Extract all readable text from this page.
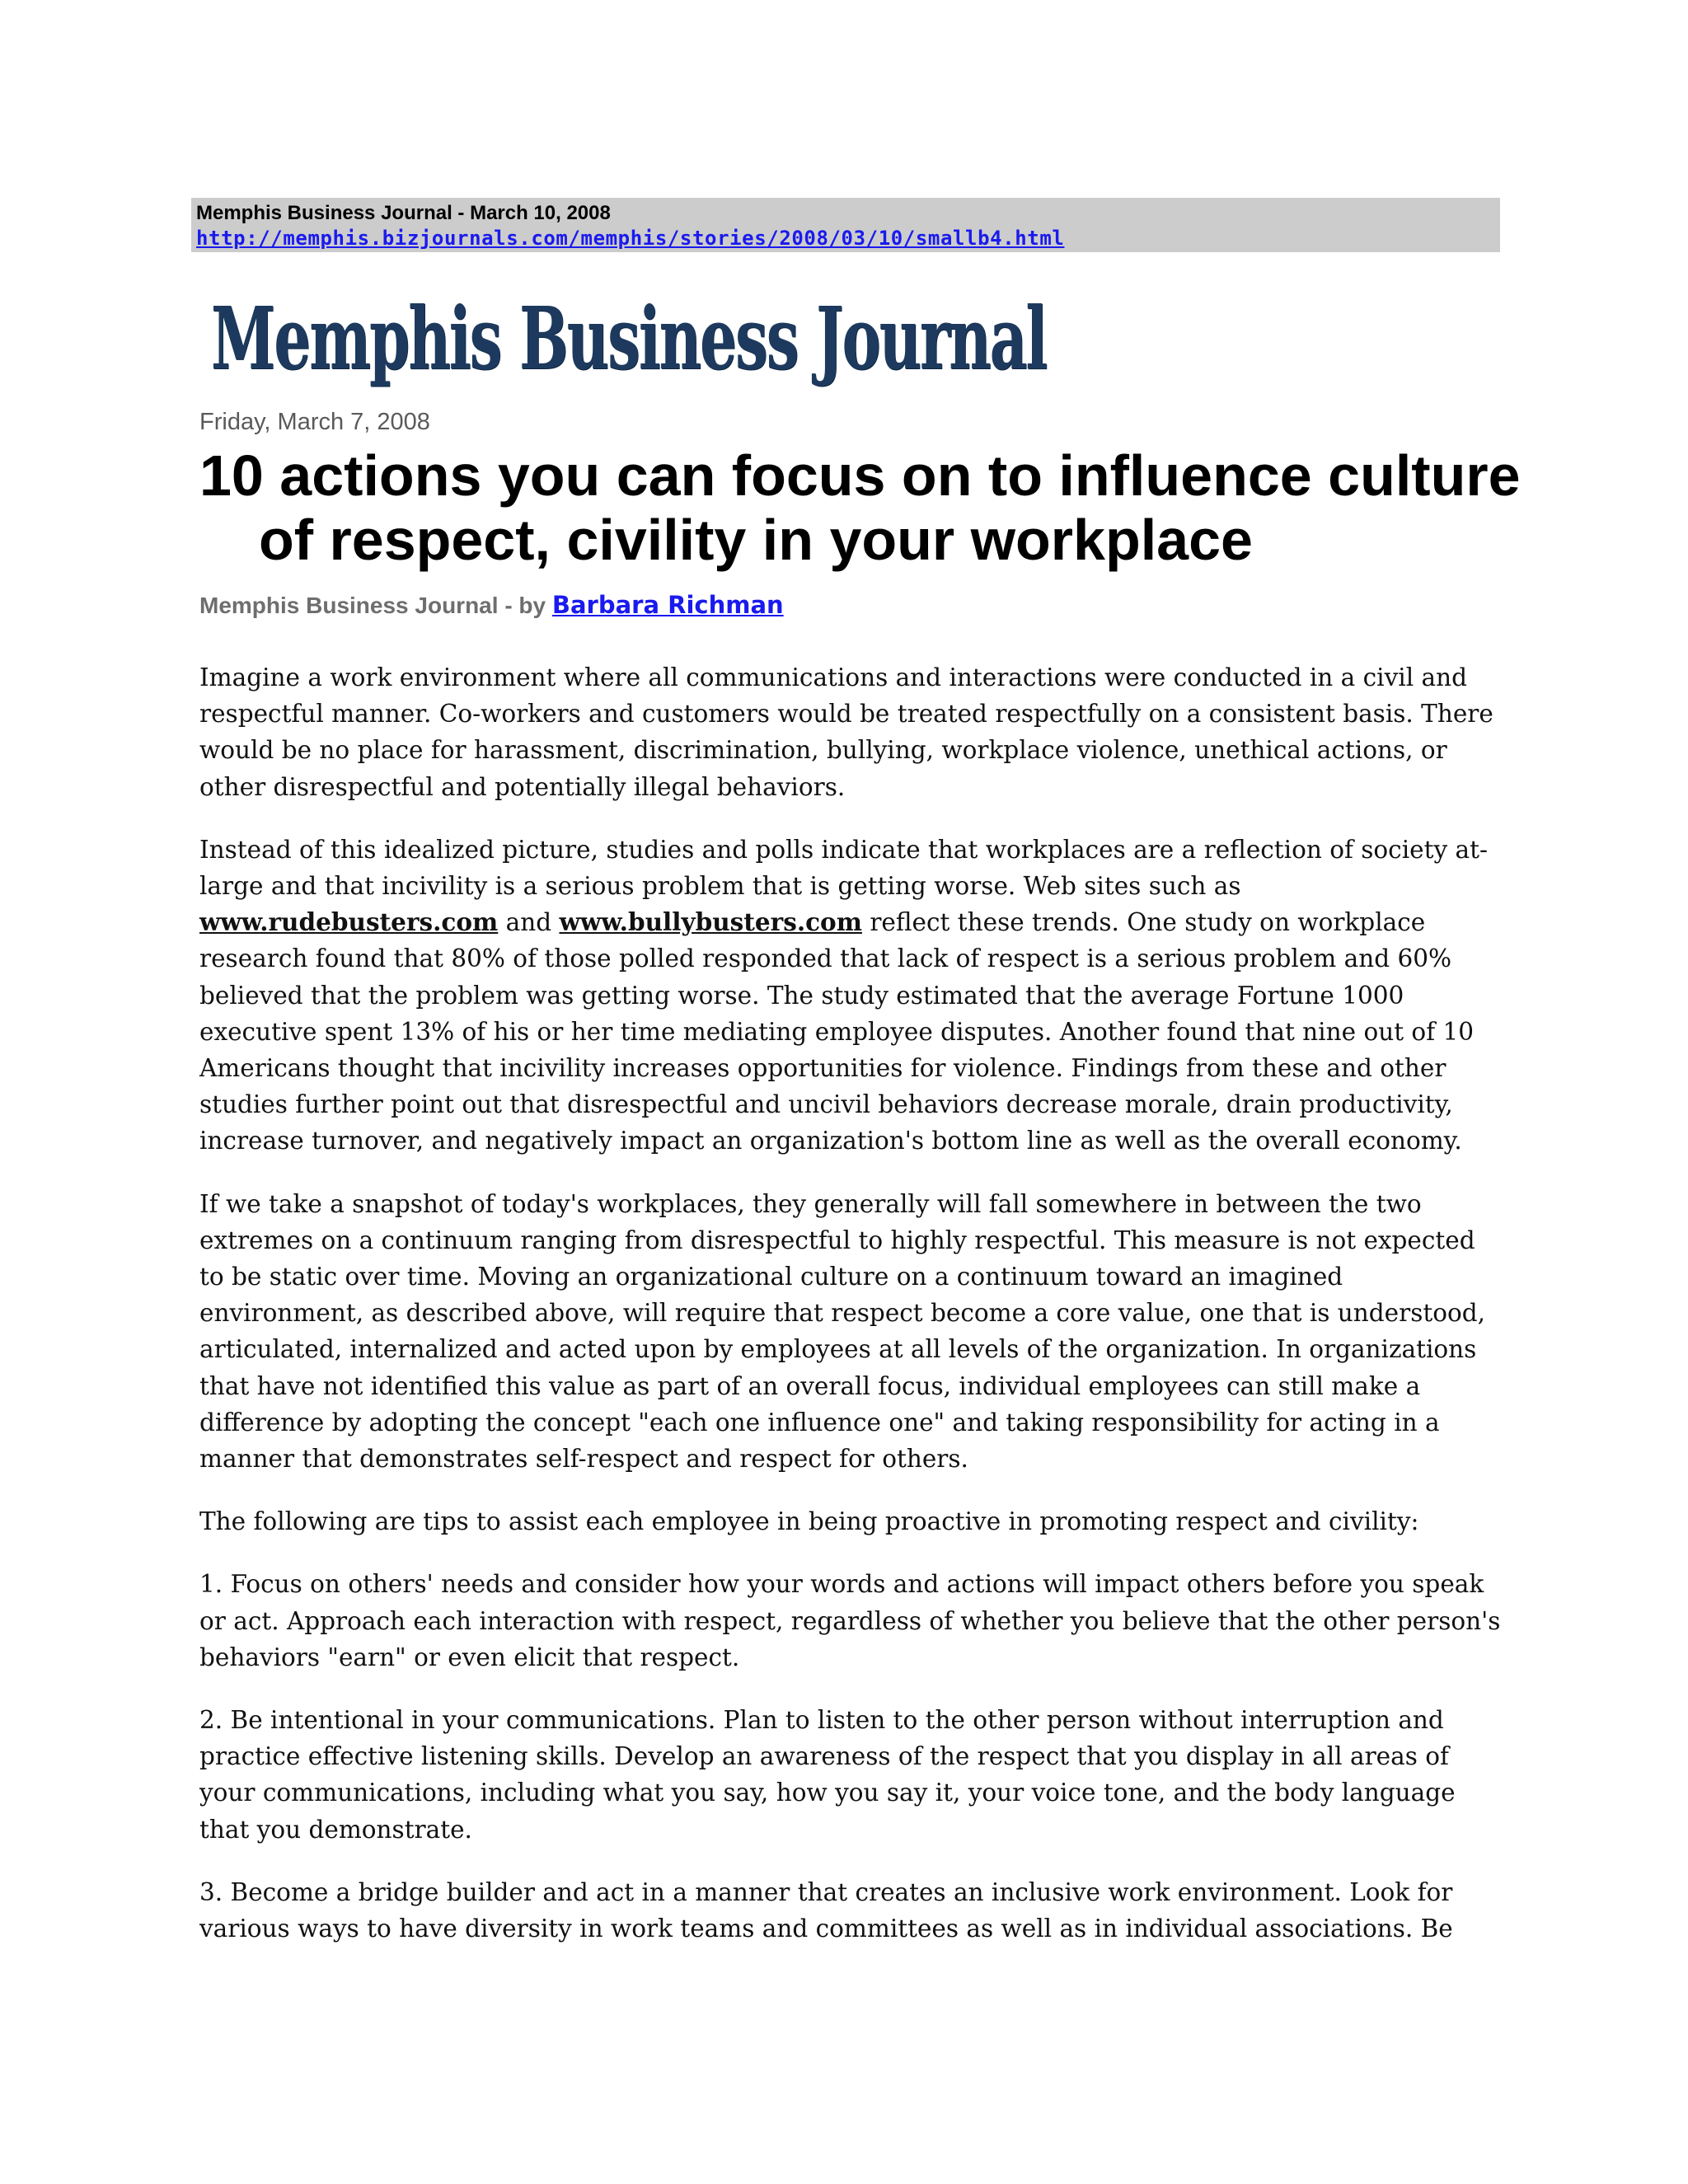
Memphis Business Journal - March 10, 2008
http://memphis.bizjournals.com/memphis/stories/2008/03/10/smallb4.html
Memphis Business Journal
Friday, March 7, 2008
10 actions you can focus on to influence culture
of respect, civility in your workplace
Memphis Business Journal - by Barbara Richman

Imagine a work environment where all communications and interactions were conducted in a civil and respectful manner. Co-workers and customers would be treated respectfully on a consistent basis. There would be no place for harassment, discrimination, bullying, workplace violence, unethical actions, or other disrespectful and potentially illegal behaviors.

Instead of this idealized picture, studies and polls indicate that workplaces are a reflection of society at-large and that incivility is a serious problem that is getting worse. Web sites such as www.rudebusters.com and www.bullybusters.com reflect these trends. One study on workplace research found that 80% of those polled responded that lack of respect is a serious problem and 60% believed that the problem was getting worse. The study estimated that the average Fortune 1000 executive spent 13% of his or her time mediating employee disputes. Another found that nine out of 10 Americans thought that incivility increases opportunities for violence. Findings from these and other studies further point out that disrespectful and uncivil behaviors decrease morale, drain productivity, increase turnover, and negatively impact an organization's bottom line as well as the overall economy.

If we take a snapshot of today's workplaces, they generally will fall somewhere in between the two extremes on a continuum ranging from disrespectful to highly respectful. This measure is not expected to be static over time. Moving an organizational culture on a continuum toward an imagined environment, as described above, will require that respect become a core value, one that is understood, articulated, internalized and acted upon by employees at all levels of the organization. In organizations that have not identified this value as part of an overall focus, individual employees can still make a difference by adopting the concept "each one influence one" and taking responsibility for acting in a manner that demonstrates self-respect and respect for others.

The following are tips to assist each employee in being proactive in promoting respect and civility:

1. Focus on others' needs and consider how your words and actions will impact others before you speak or act. Approach each interaction with respect, regardless of whether you believe that the other person's behaviors "earn" or even elicit that respect.

2. Be intentional in your communications. Plan to listen to the other person without interruption and practice effective listening skills. Develop an awareness of the respect that you display in all areas of your communications, including what you say, how you say it, your voice tone, and the body language that you demonstrate.

3. Become a bridge builder and act in a manner that creates an inclusive work environment. Look for various ways to have diversity in work teams and committees as well as in individual associations. Be
